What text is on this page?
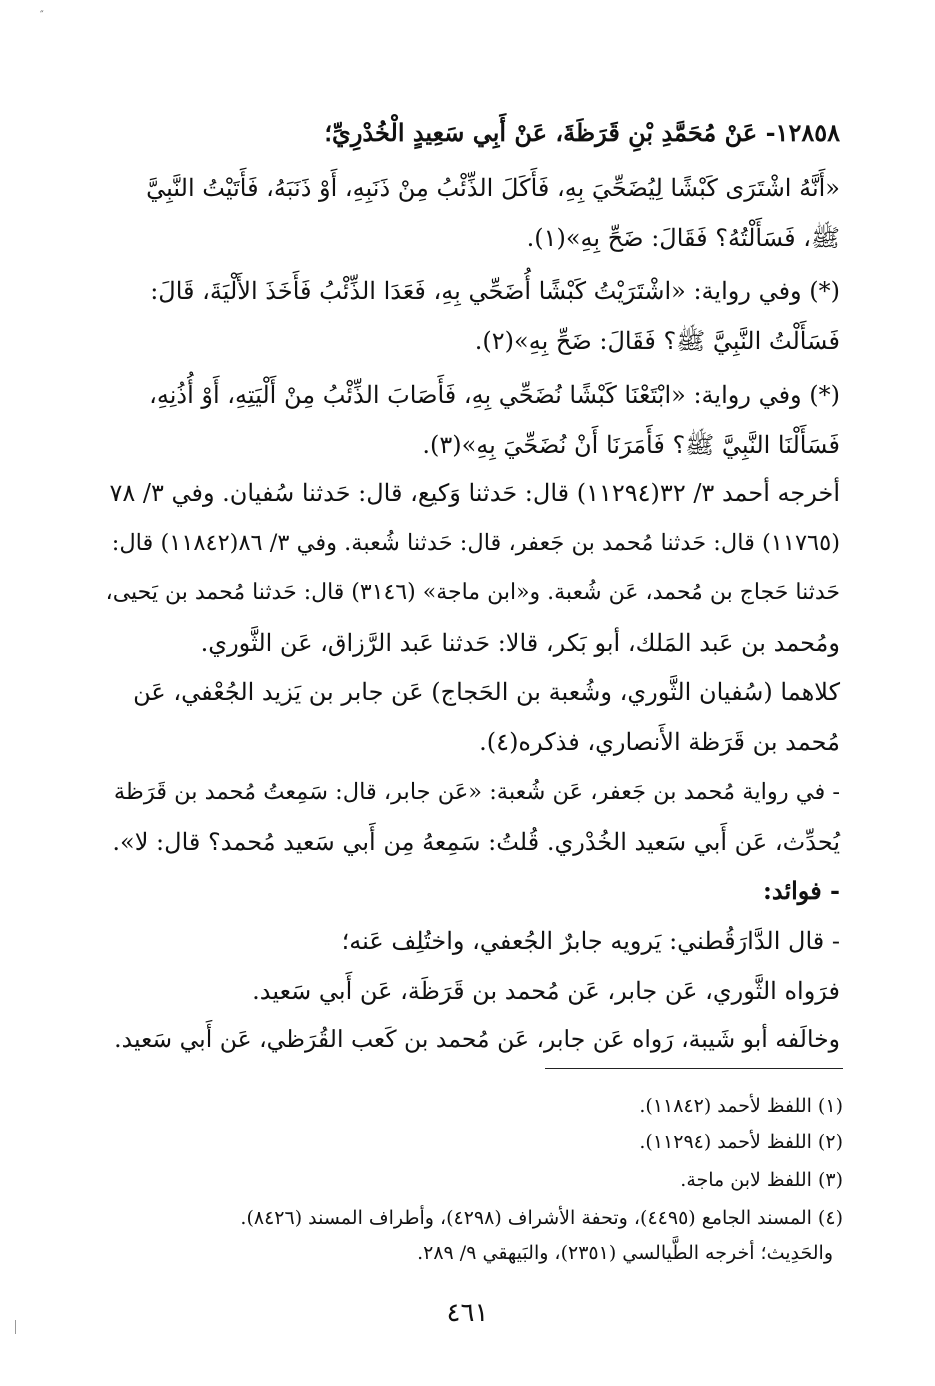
″
١٢٨٥٨- عَنْ مُحَمَّدِ بْنِ قَرَظَةَ، عَنْ أَبِي سَعِيدٍ الْخُدْرِيِّ؛
«أَنَّهُ اشْتَرَى كَبْشًا لِيُضَحِّيَ بِهِ، فَأَكَلَ الذِّئْبُ مِنْ ذَنَبِهِ، أَوْ ذَنَبَهُ، فَأَتَيْتُ النَّبِيَّ
ﷺ، فَسَأَلْتُهُ؟ فَقَالَ: ضَحِّ بِهِ»(١).
(*) وفي رواية: «اشْتَرَيْتُ كَبْشًا أُضَحِّي بِهِ، فَعَدَا الذِّئْبُ فَأَخَذَ الأَلْيَةَ، قَالَ:
فَسَأَلْتُ النَّبِيَّ ﷺ؟ فَقَالَ: ضَحِّ بِهِ»(٢).
(*) وفي رواية: «ابْتَعْنَا كَبْشًا نُضَحِّي بِهِ، فَأَصَابَ الذِّئْبُ مِنْ أَلْيَتِهِ، أَوْ أُذُنِهِ،
فَسَأَلْنَا النَّبِيَّ ﷺ؟ فَأَمَرَنَا أَنْ نُضَحِّيَ بِهِ»(٣).
أخرجه أحمد ٣/ ٣٢(١١٢٩٤) قال: حَدثنا وَكيع، قال: حَدثنا سُفيان. وفي ٣/ ٧٨
(١١٧٦٥) قال: حَدثنا مُحمد بن جَعفر، قال: حَدثنا شُعبة. وفي ٣/ ٨٦(١١٨٤٢) قال:
حَدثنا حَجاج بن مُحمد، عَن شُعبة. و«ابن ماجة» (٣١٤٦) قال: حَدثنا مُحمد بن يَحيى،
ومُحمد بن عَبد المَلك، أبو بَكر، قالا: حَدثنا عَبد الرَّزاق، عَن الثَّوري.
كلاهما (سُفيان الثَّوري، وشُعبة بن الحَجاج) عَن جابر بن يَزيد الجُعْفي، عَن
مُحمد بن قَرَظة الأَنصاري، فذكره(٤).
- في رواية مُحمد بن جَعفر، عَن شُعبة: «عَن جابر، قال: سَمِعتُ مُحمد بن قَرَظة
يُحدِّث، عَن أَبي سَعيد الخُدْري. قُلتُ: سَمِعهُ مِن أَبي سَعيد مُحمد؟ قال: لا».
- فوائد:
- قال الدَّارَقُطني: يَرويه جابرٌ الجُعفي، واختُلِف عَنه؛
فرَواه الثَّوري، عَن جابر، عَن مُحمد بن قَرَظَة، عَن أَبي سَعيد.
وخالَفه أبو شَيبة، رَواه عَن جابر، عَن مُحمد بن كَعب القُرَظي، عَن أَبي سَعيد.
(١) اللفظ لأحمد (١١٨٤٢).
(٢) اللفظ لأحمد (١١٢٩٤).
(٣) اللفظ لابن ماجة.
(٤) المسند الجامع (٤٤٩٥)، وتحفة الأشراف (٤٢٩٨)، وأطراف المسند (٨٤٢٦).
والحَدِيث؛ أخرجه الطَّيالسي (٢٣٥١)، والبَيهقي ٩/ ٢٨٩.
٤٦١
